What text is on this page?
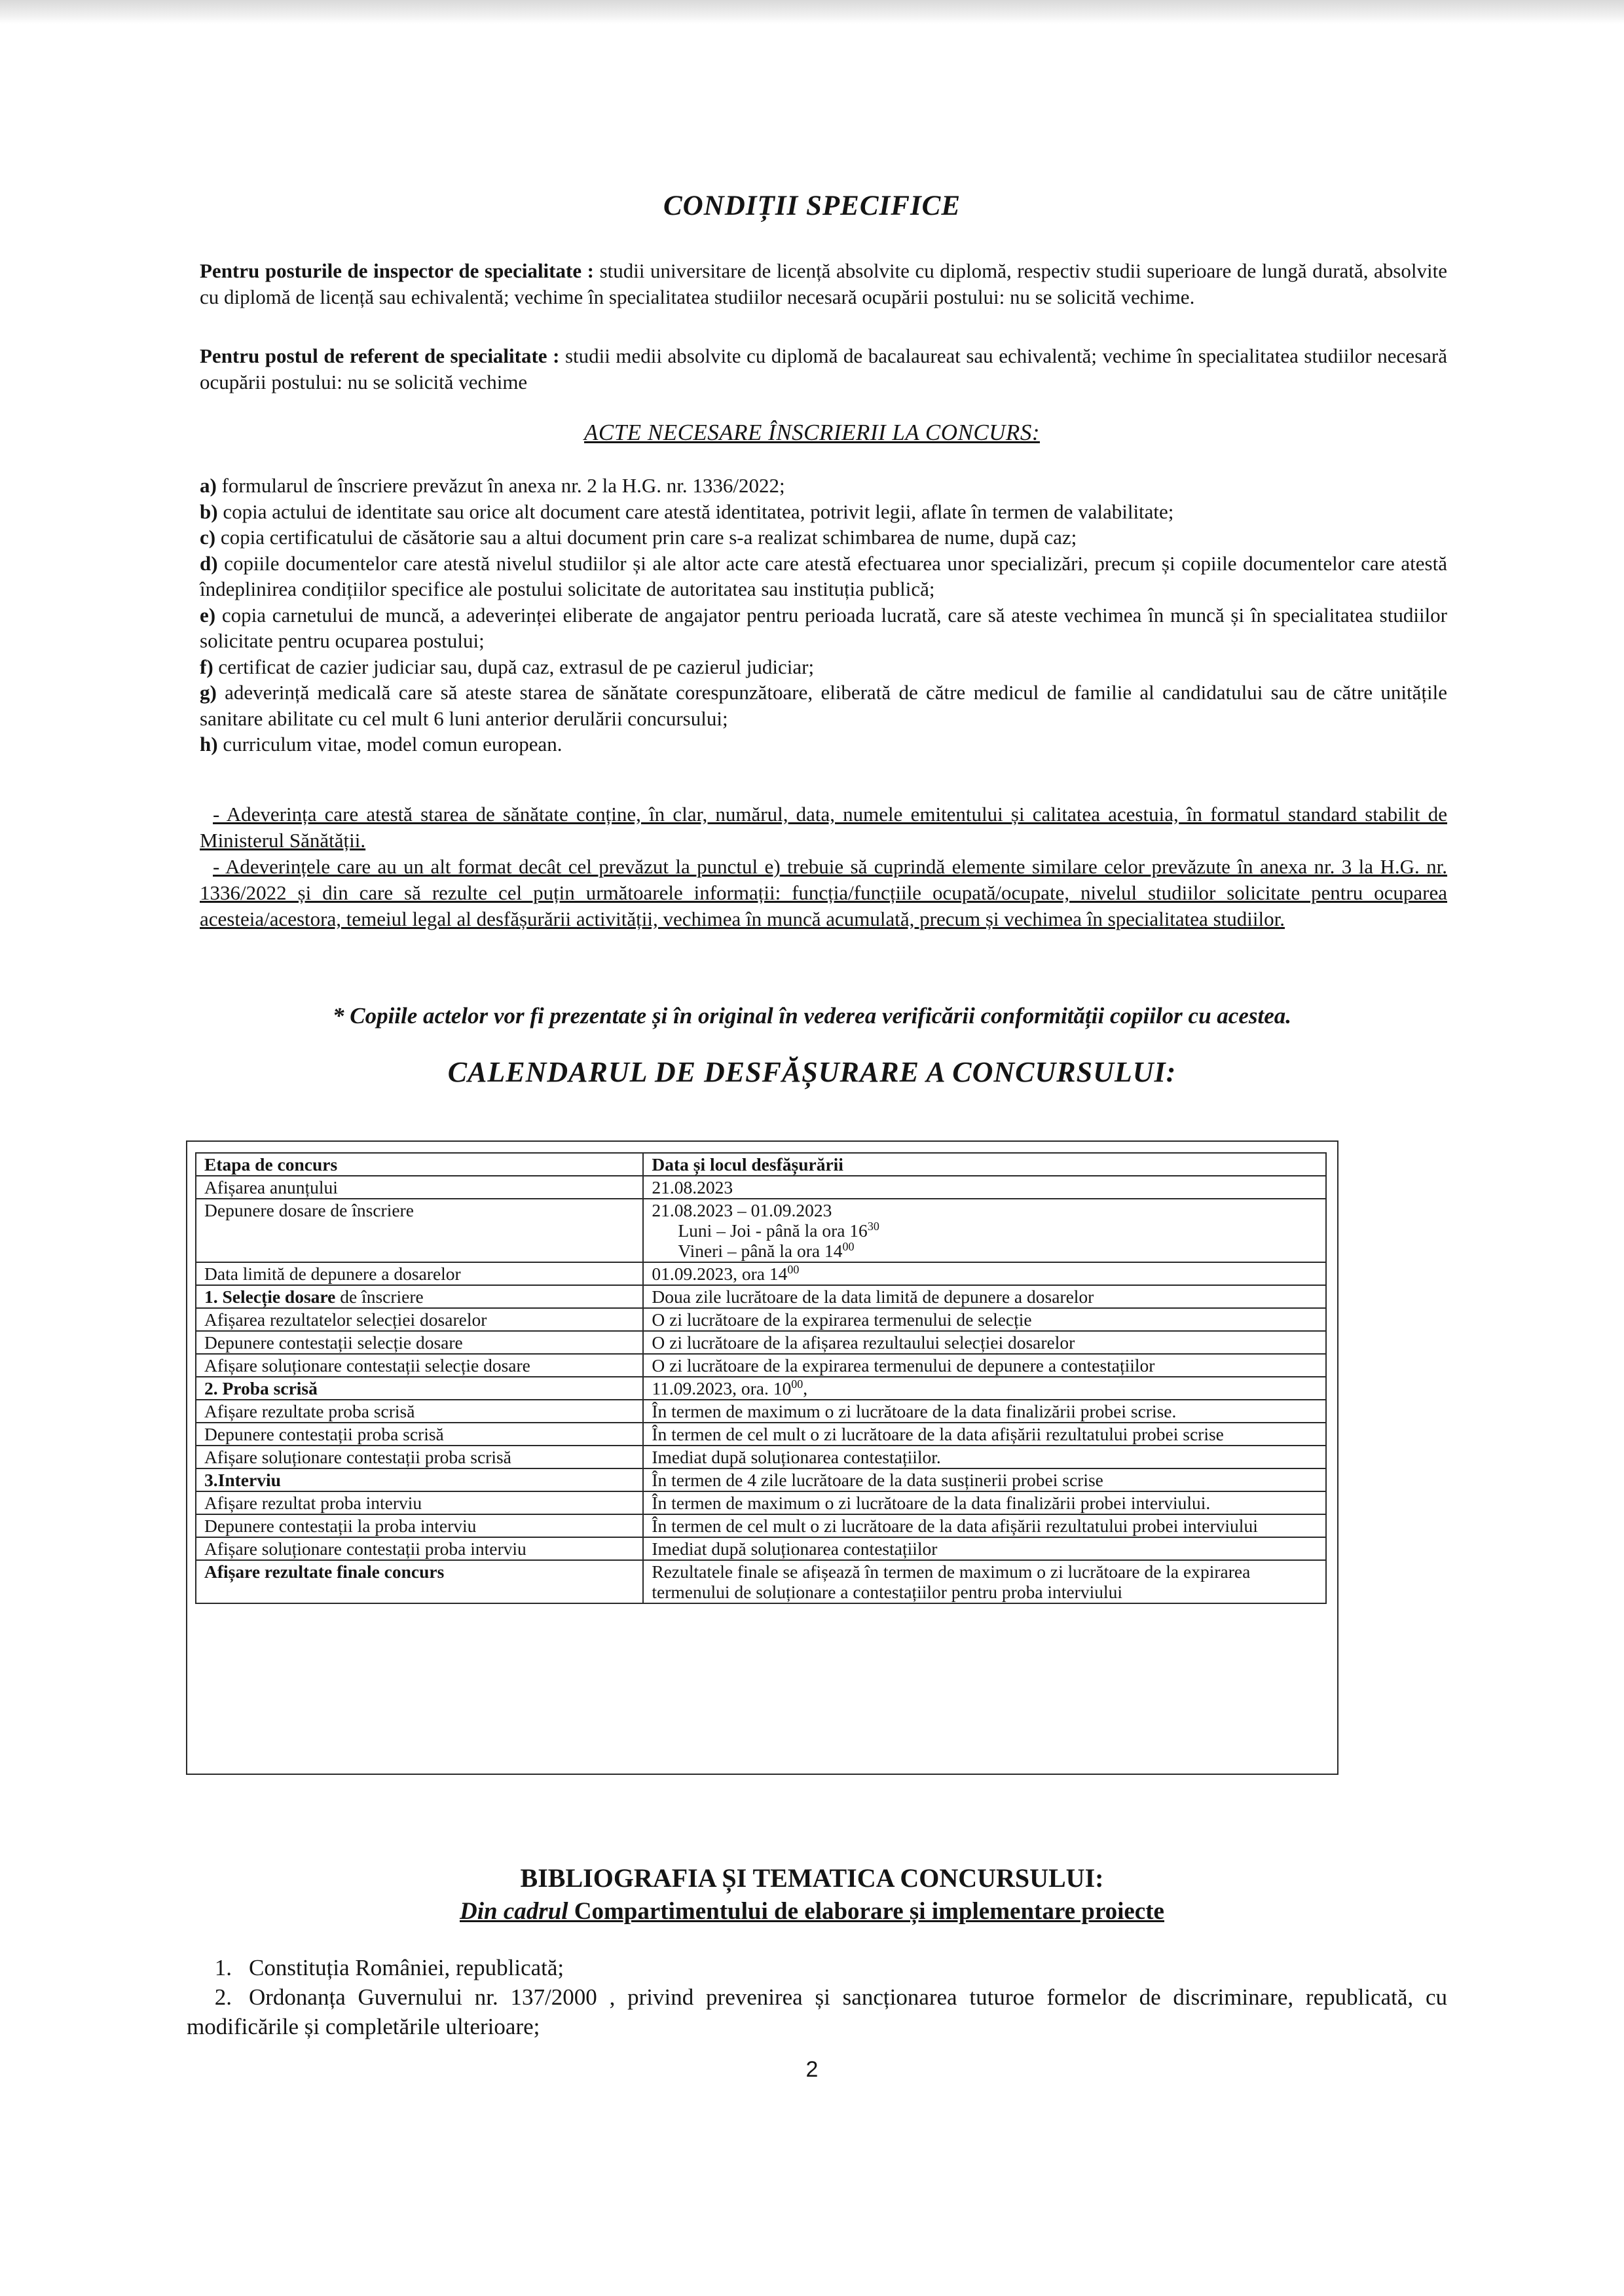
CONDIȚII SPECIFICE
Pentru posturile de inspector de specialitate : studii universitare de licență absolvite cu diplomă, respectiv studii superioare de lungă durată, absolvite cu diplomă de licență sau echivalentă; vechime în specialitatea studiilor necesară ocupării postului: nu se solicită vechime.
Pentru postul de referent de specialitate : studii medii absolvite cu diplomă de bacalaureat sau echivalentă; vechime în specialitatea studiilor necesară ocupării postului: nu se solicită vechime
ACTE NECESARE ÎNSCRIERII LA CONCURS:
a) formularul de înscriere prevăzut în anexa nr. 2 la H.G. nr. 1336/2022;
b) copia actului de identitate sau orice alt document care atestă identitatea, potrivit legii, aflate în termen de valabilitate;
c) copia certificatului de căsătorie sau a altui document prin care s-a realizat schimbarea de nume, după caz;
d) copiile documentelor care atestă nivelul studiilor și ale altor acte care atestă efectuarea unor specializări, precum și copiile documentelor care atestă îndeplinirea condițiilor specifice ale postului solicitate de autoritatea sau instituția publică;
e) copia carnetului de muncă, a adeverinței eliberate de angajator pentru perioada lucrată, care să ateste vechimea în muncă și în specialitatea studiilor solicitate pentru ocuparea postului;
f) certificat de cazier judiciar sau, după caz, extrasul de pe cazierul judiciar;
g) adeverință medicală care să ateste starea de sănătate corespunzătoare, eliberată de către medicul de familie al candidatului sau de către unitățile sanitare abilitate cu cel mult 6 luni anterior derulării concursului;
h) curriculum vitae, model comun european.
- Adeverința care atestă starea de sănătate conține, în clar, numărul, data, numele emitentului și calitatea acestuia, în formatul standard stabilit de Ministerul Sănătății.
- Adeverințele care au un alt format decât cel prevăzut la punctul e) trebuie să cuprindă elemente similare celor prevăzute în anexa nr. 3 la H.G. nr. 1336/2022 și din care să rezulte cel puțin următoarele informații: funcția/funcțiile ocupată/ocupate, nivelul studiilor solicitate pentru ocuparea acesteia/acestora, temeiul legal al desfășurării activității, vechimea în muncă acumulată, precum și vechimea în specialitatea studiilor.
* Copiile actelor vor fi prezentate și în original în vederea verificării conformității copiilor cu acestea.
CALENDARUL DE DESFĂȘURARE A CONCURSULUI:
Etapa de concurs	Data și locul desfășurării
Afișarea anunțului	21.08.2023
Depunere dosare de înscriere	21.08.2023 – 01.09.2023
Luni – Joi - până la ora $16^{30}$
Vineri – până la ora $14^{00}$

Data limită de depunere a dosarelor	01.09.2023, ora $14^{00}$
1. Selecție dosare de înscriere	Doua zile lucrătoare de la data limită de depunere a dosarelor
Afișarea rezultatelor selecției dosarelor	O zi lucrătoare de la expirarea termenului de selecție
Depunere contestații selecție dosare	O zi lucrătoare de la afișarea rezultaului selecției dosarelor
Afișare soluționare contestații selecție dosare	O zi lucrătoare de la expirarea termenului de depunere a contestațiilor
2. Proba scrisă	11.09.2023, ora. $10^{00}$,
Afișare rezultate proba scrisă	În termen de maximum o zi lucrătoare de la data finalizării probei scrise.
Depunere contestații proba scrisă	În termen de cel mult o zi lucrătoare de la data afișării rezultatului probei scrise
Afișare soluționare contestații proba scrisă	Imediat după soluționarea contestațiilor.
3.Interviu	În termen de 4 zile lucrătoare de la data susținerii probei scrise
Afișare rezultat proba interviu	În termen de maximum o zi lucrătoare de la data finalizării probei interviului.
Depunere contestații la proba interviu	În termen de cel mult o zi lucrătoare de la data afișării rezultatului probei interviului
Afișare soluționare contestații proba interviu	Imediat după soluționarea contestațiilor
Afișare rezultate finale concurs	Rezultatele finale se afișează în termen de maximum o zi lucrătoare de la expirarea termenului de soluționare a contestațiilor pentru proba interviului
BIBLIOGRAFIA ȘI TEMATICA CONCURSULUI:
Din cadrul Compartimentului de elaborare și implementare proiecte
1. Constituția României, republicată;
2. Ordonanța Guvernului nr. 137/2000 , privind prevenirea și sancționarea tuturoe formelor de discriminare, republicată, cu modificările și completările ulterioare;
2
